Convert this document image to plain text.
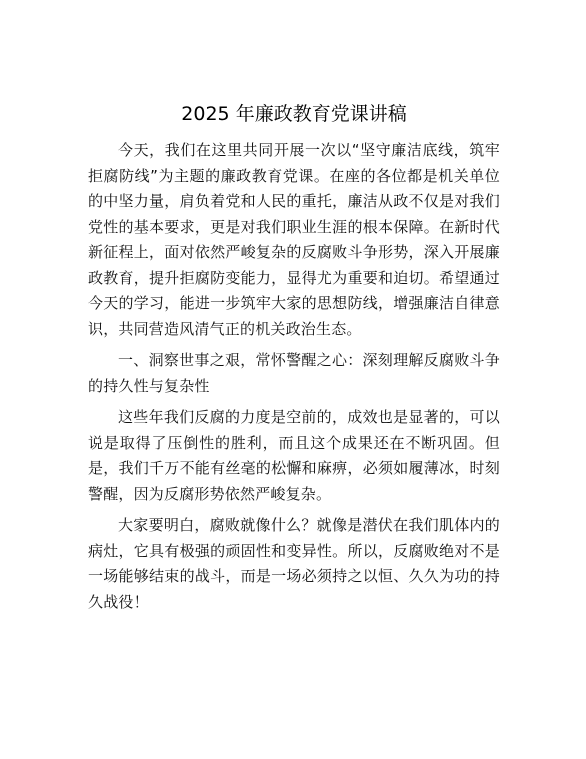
2025 年廉政教育党课讲稿

今天，我们在这里共同开展一次以“坚守廉洁底线，筑牢拒腐防线”为主题的廉政教育党课。在座的各位都是机关单位的中坚力量，肩负着党和人民的重托，廉洁从政不仅是对我们党性的基本要求，更是对我们职业生涯的根本保障。在新时代新征程上，面对依然严峻复杂的反腐败斗争形势，深入开展廉政教育，提升拒腐防变能力，显得尤为重要和迫切。希望通过今天的学习，能进一步筑牢大家的思想防线，增强廉洁自律意识，共同营造风清气正的机关政治生态。

一、洞察世事之艰，常怀警醒之心：深刻理解反腐败斗争的持久性与复杂性

这些年我们反腐的力度是空前的，成效也是显著的，可以说是取得了压倒性的胜利，而且这个成果还在不断巩固。但是，我们千万不能有丝毫的松懈和麻痹，必须如履薄冰，时刻警醒，因为反腐形势依然严峻复杂。

大家要明白，腐败就像什么？就像是潜伏在我们肌体内的病灶，它具有极强的顽固性和变异性。所以，反腐败绝对不是一场能够结束的战斗，而是一场必须持之以恒、久久为功的持久战役！
